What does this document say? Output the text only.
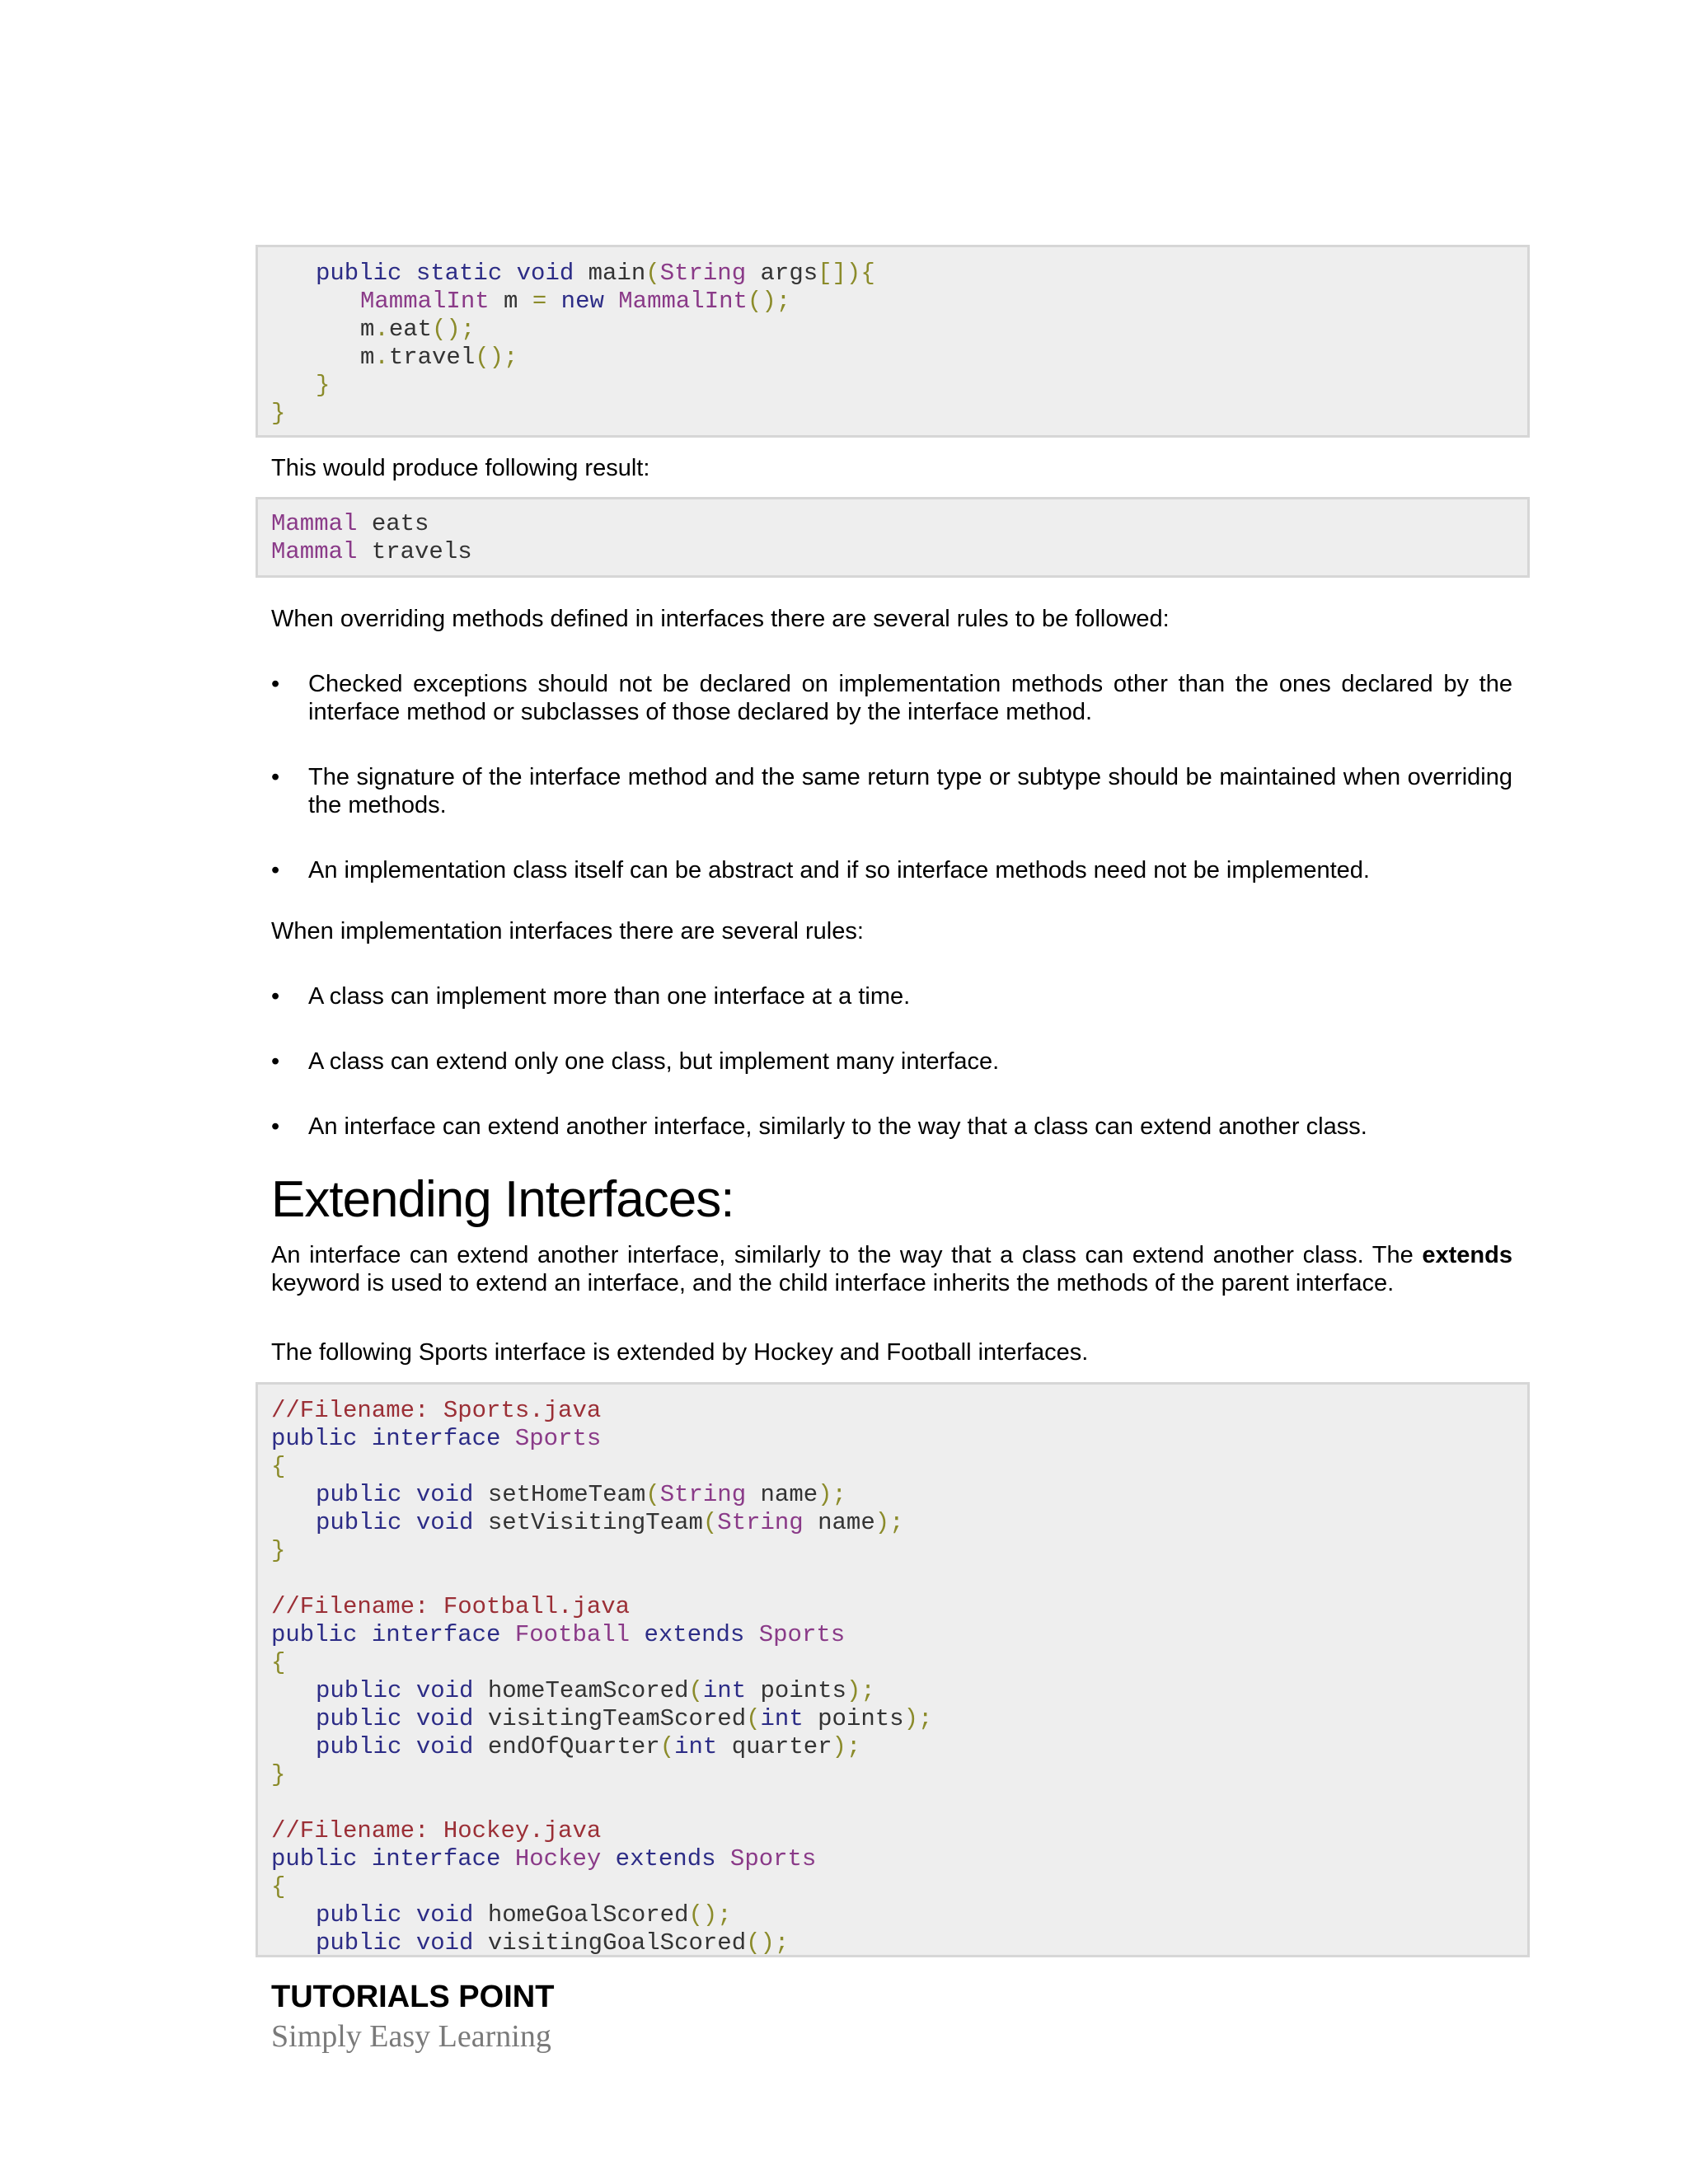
public static void main(String args[]){
MammalInt m = new MammalInt();
m.eat();
m.travel();
}
}
This would produce following result:
Mammal eats
Mammal travels
When overriding methods defined in interfaces there are several rules to be followed:
•	Checked exceptions should not be declared on implementation methods other than the ones declared by the interface method or subclasses of those declared by the interface method.
•	The signature of the interface method and the same return type or subtype should be maintained when overriding the methods.
•	An implementation class itself can be abstract and if so interface methods need not be implemented.
When implementation interfaces there are several rules:
•	A class can implement more than one interface at a time.
•	A class can extend only one class, but implement many interface.
•	An interface can extend another interface, similarly to the way that a class can extend another class.
Extending Interfaces:
An interface can extend another interface, similarly to the way that a class can extend another class. The extends keyword is used to extend an interface, and the child interface inherits the methods of the parent interface.
The following Sports interface is extended by Hockey and Football interfaces.
//Filename: Sports.java
public interface Sports
{
public void setHomeTeam(String name);
public void setVisitingTeam(String name);
}
//Filename: Football.java
public interface Football extends Sports
{
public void homeTeamScored(int points);
public void visitingTeamScored(int points);
public void endOfQuarter(int quarter);
}
//Filename: Hockey.java
public interface Hockey extends Sports
{
public void homeGoalScored();
public void visitingGoalScored();
TUTORIALS POINT
Simply Easy Learning
